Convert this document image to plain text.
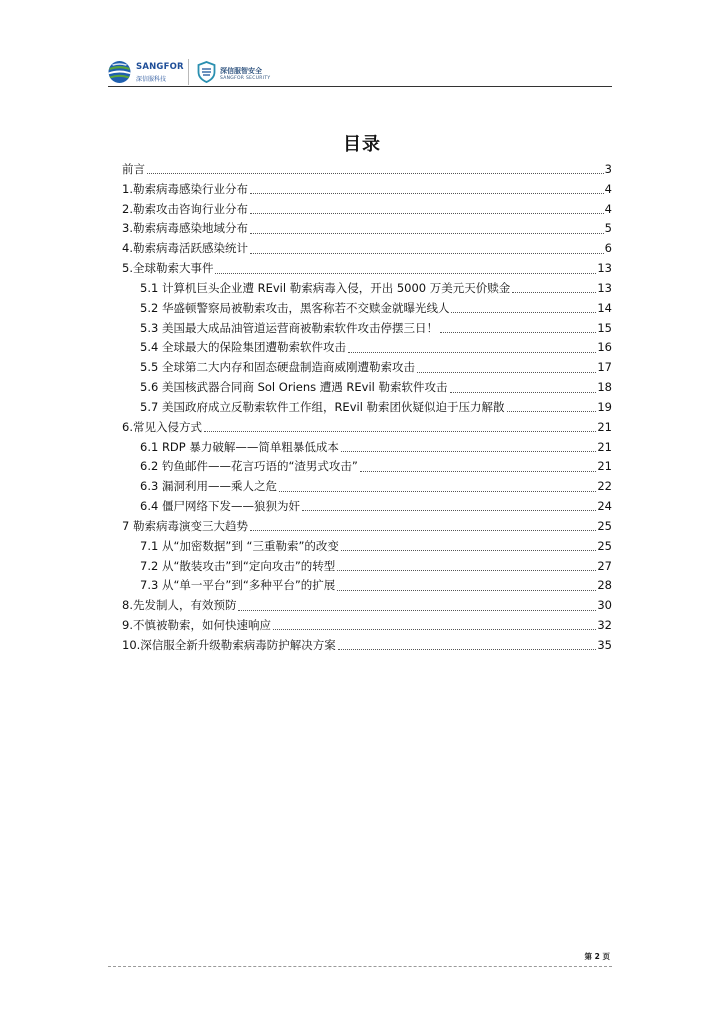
SANGFOR
深信服科技
深信服智安全
SANGFOR SECURITY
目录
前言	3
1.勒索病毒感染行业分布	4
2.勒索攻击咨询行业分布	4
3.勒索病毒感染地域分布	5
4.勒索病毒活跃感染统计	6
5.全球勒索大事件	13
5.1 计算机巨头企业遭 REvil 勒索病毒入侵，开出 5000 万美元天价赎金	13
5.2 华盛顿警察局被勒索攻击，黑客称若不交赎金就曝光线人	14
5.3 美国最大成品油管道运营商被勒索软件攻击停摆三日！	15
5.4 全球最大的保险集团遭勒索软件攻击	16
5.5 全球第二大内存和固态硬盘制造商威刚遭勒索攻击	17
5.6 美国核武器合同商 Sol Oriens 遭遇 REvil 勒索软件攻击	18
5.7 美国政府成立反勒索软件工作组，REvil 勒索团伙疑似迫于压力解散	19
6.常见入侵方式	21
6.1 RDP 暴力破解——简单粗暴低成本	21
6.2 钓鱼邮件——花言巧语的“渣男式攻击”	21
6.3 漏洞利用——乘人之危	22
6.4 僵尸网络下发——狼狈为奸	24
7 勒索病毒演变三大趋势	25
7.1 从“加密数据”到 “三重勒索”的改变	25
7.2 从“散装攻击”到“定向攻击”的转型	27
7.3 从“单一平台”到“多种平台”的扩展	28
8.先发制人，有效预防	30
9.不慎被勒索，如何快速响应	32
10.深信服全新升级勒索病毒防护解决方案	35
第 2 页
